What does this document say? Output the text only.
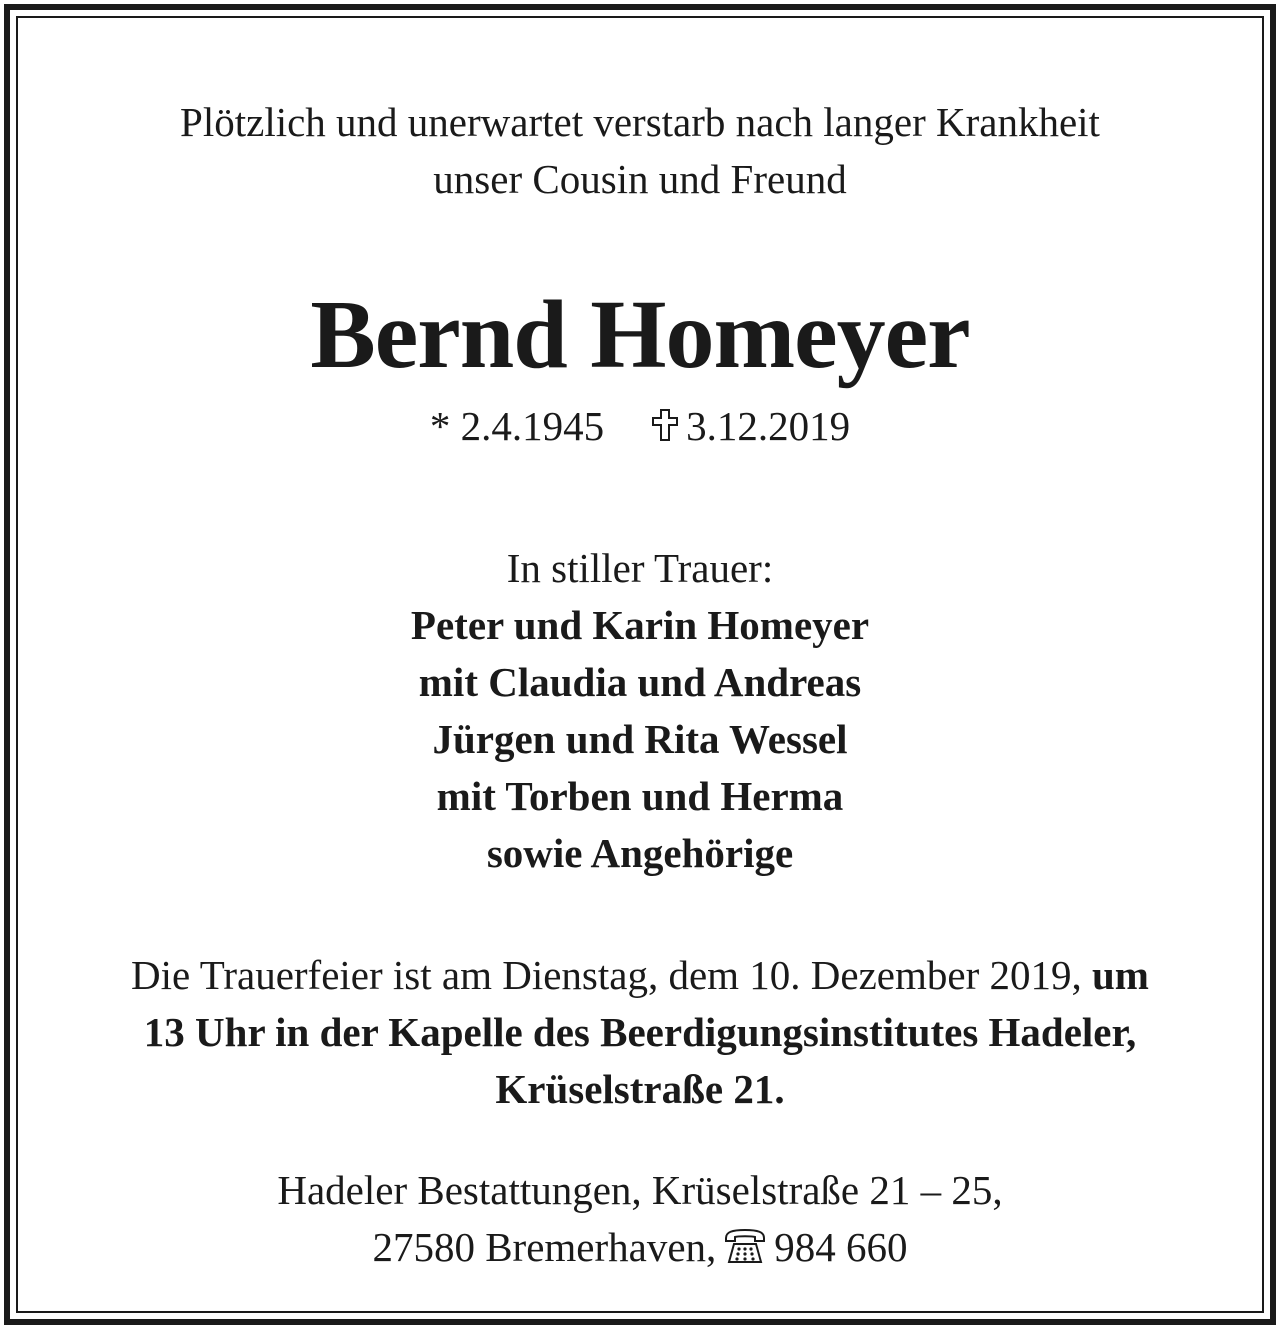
Plötzlich und unerwartet verstarb nach langer Krankheit
unser Cousin und Freund
Bernd Homeyer
* 2.4.1945 3.12.2019
In stiller Trauer:
Peter und Karin Homeyer
mit Claudia und Andreas
Jürgen und Rita Wessel
mit Torben und Herma
sowie Angehörige
Die Trauerfeier ist am Dienstag, dem 10. Dezember 2019, um
13 Uhr in der Kapelle des Beerdigungsinstitutes Hadeler,
Krüselstraße 21.
Hadeler Bestattungen, Krüselstraße 21 – 25,
27580 Bremerhaven, 984 660
